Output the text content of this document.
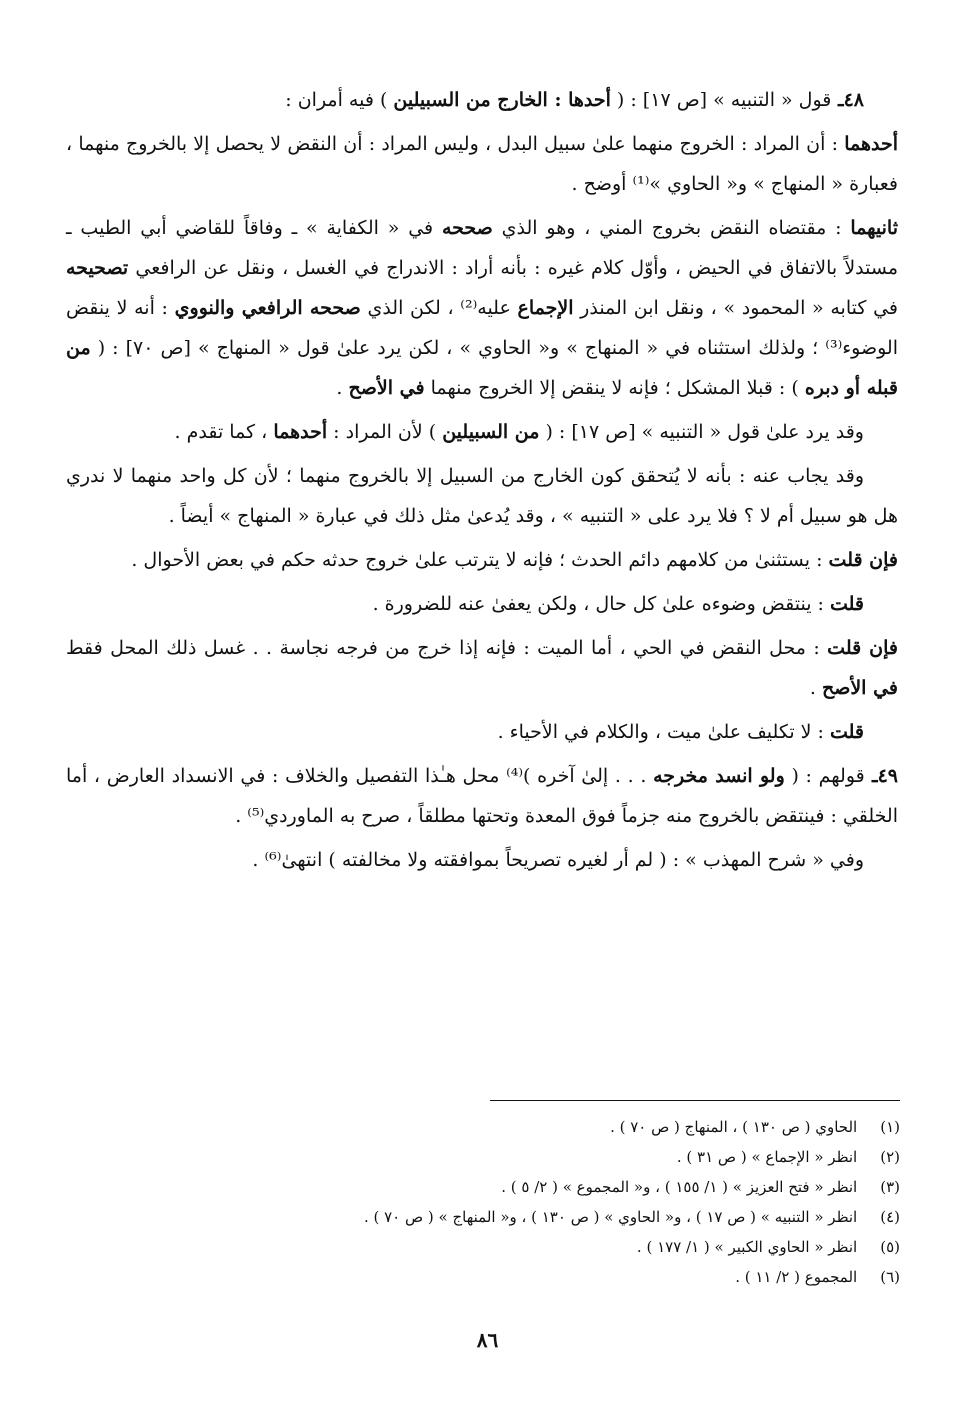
٤٨ـ قول « التنبيه » [ص ١٧] : ( أحدها : الخارج من السبيلين ) فيه أمران :

أحدهما : أن المراد : الخروج منهما علىٰ سبيل البدل ، وليس المراد : أن النقض لا يحصل إلا بالخروج منهما ، فعبارة « المنهاج » و« الحاوي »⁽¹⁾ أوضح .

ثانيهما : مقتضاه النقض بخروج المني ، وهو الذي صححه في « الكفاية » ـ وفاقاً للقاضي أبي الطيب ـ مستدلاً بالاتفاق في الحيض ، وأوّل كلام غيره : بأنه أراد : الاندراج في الغسل ، ونقل عن الرافعي تصحيحه في كتابه « المحمود » ، ونقل ابن المنذر الإجماع عليه⁽²⁾ ، لكن الذي صححه الرافعي والنووي : أنه لا ينقض الوضوء⁽³⁾ ؛ ولذلك استثناه في « المنهاج » و« الحاوي » ، لكن يرد علىٰ قول « المنهاج » [ص ٧٠] : ( من قبله أو دبره ) : قبلا المشكل ؛ فإنه لا ينقض إلا الخروج منهما في الأصح .

وقد يرد علىٰ قول « التنبيه » [ص ١٧] : ( من السبيلين ) لأن المراد : أحدهما ، كما تقدم .

وقد يجاب عنه : بأنه لا يُتحقق كون الخارج من السبيل إلا بالخروج منهما ؛ لأن كل واحد منهما لا ندري هل هو سبيل أم لا ؟ فلا يرد على « التنبيه » ، وقد يُدعىٰ مثل ذلك في عبارة « المنهاج » أيضاً .

فإن قلت : يستثنىٰ من كلامهم دائم الحدث ؛ فإنه لا يترتب علىٰ خروج حدثه حكم في بعض الأحوال .

قلت : ينتقض وضوءه علىٰ كل حال ، ولكن يعفىٰ عنه للضرورة .

فإن قلت : محل النقض في الحي ، أما الميت : فإنه إذا خرج من فرجه نجاسة . . غسل ذلك المحل فقط في الأصح .

قلت : لا تكليف علىٰ ميت ، والكلام في الأحياء .

٤٩ـ قولهم : ( ولو انسد مخرجه . . . إلىٰ آخره )⁽⁴⁾ محل هـٰذا التفصيل والخلاف : في الانسداد العارض ، أما الخلقي : فينتقض بالخروج منه جزماً فوق المعدة وتحتها مطلقاً ، صرح به الماوردي⁽⁵⁾ .

وفي « شرح المهذب » : ( لم أر لغيره تصريحاً بموافقته ولا مخالفته ) انتهىٰ⁽⁶⁾ .

(١) الحاوي ( ص ١٣٠ ) ، المنهاج ( ص ٧٠ ) .
(٢) انظر « الإجماع » ( ص ٣١ ) .
(٣) انظر « فتح العزيز » ( ١/ ١٥٥ ) ، و« المجموع » ( ٢/ ٥ ) .
(٤) انظر « التنبيه » ( ص ١٧ ) ، و« الحاوي » ( ص ١٣٠ ) ، و« المنهاج » ( ص ٧٠ ) .
(٥) انظر « الحاوي الكبير » ( ١/ ١٧٧ ) .
(٦) المجموع ( ٢/ ١١ ) .
٨٦
